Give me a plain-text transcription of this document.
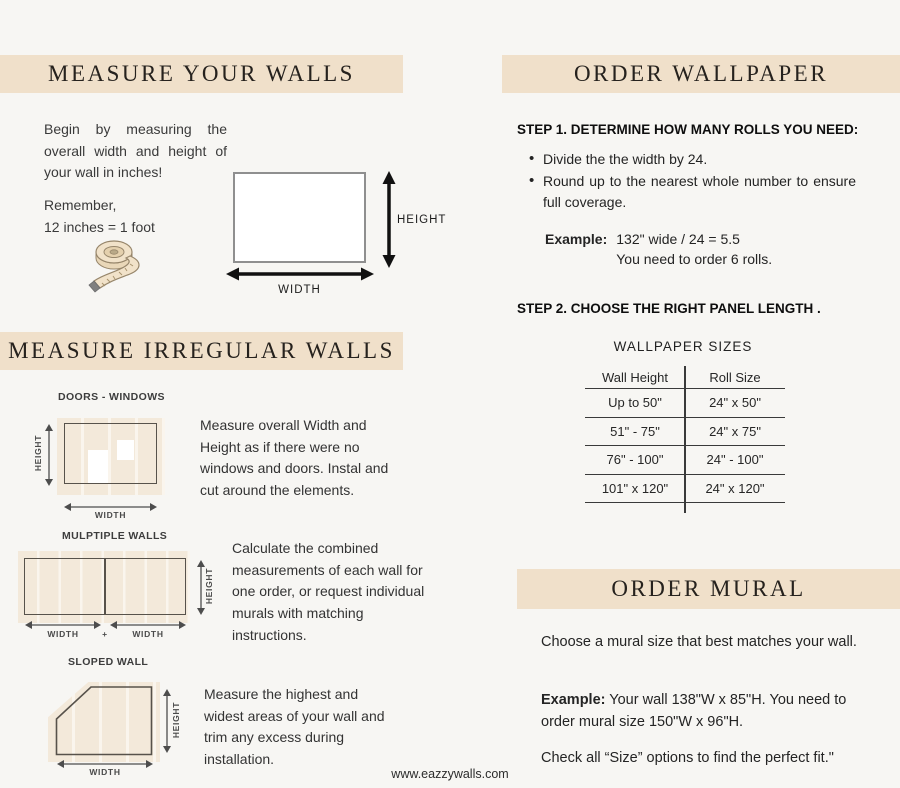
MEASURE YOUR WALLS
Begin by measuring the overall width and height of your wall in inches!
Remember,
12 inches = 1 foot	HEIGHT
WIDTH
MEASURE IRREGULAR WALLS
DOORS - WINDOWS
HEIGHT
WIDTH
Measure overall Width and Height as if there were no windows and doors. Instal and cut around the elements.
MULPTIPLE WALLS
HEIGHT
WIDTH	+	WIDTH
Calculate the combined measurements of each wall for one order, or request individual murals with matching instructions.
SLOPED WALL
HEIGHT
WIDTH
Measure the highest and widest areas of your wall and trim any excess during installation.
ORDER WALLPAPER
STEP 1. DETERMINE HOW MANY ROLLS YOU NEED:
• Divide the the width by 24.
• Round up to the nearest whole number to ensure full coverage.
Example: 132" wide / 24 = 5.5
You need to order 6 rolls.
STEP 2. CHOOSE THE RIGHT PANEL LENGTH .
WALLPAPER SIZES
Wall Height	Roll Size
Up to 50"	24" x 50"
51" - 75"	24" x 75"
76" - 100"	24" - 100"
101" x 120"	24" x 120"
ORDER MURAL
Choose a mural size that best matches your wall.

Example: Your wall 138"W x 85"H. You need to order mural size 150"W x 96"H.

Check all “Size” options to find the perfect fit."
www.eazzywalls.com
